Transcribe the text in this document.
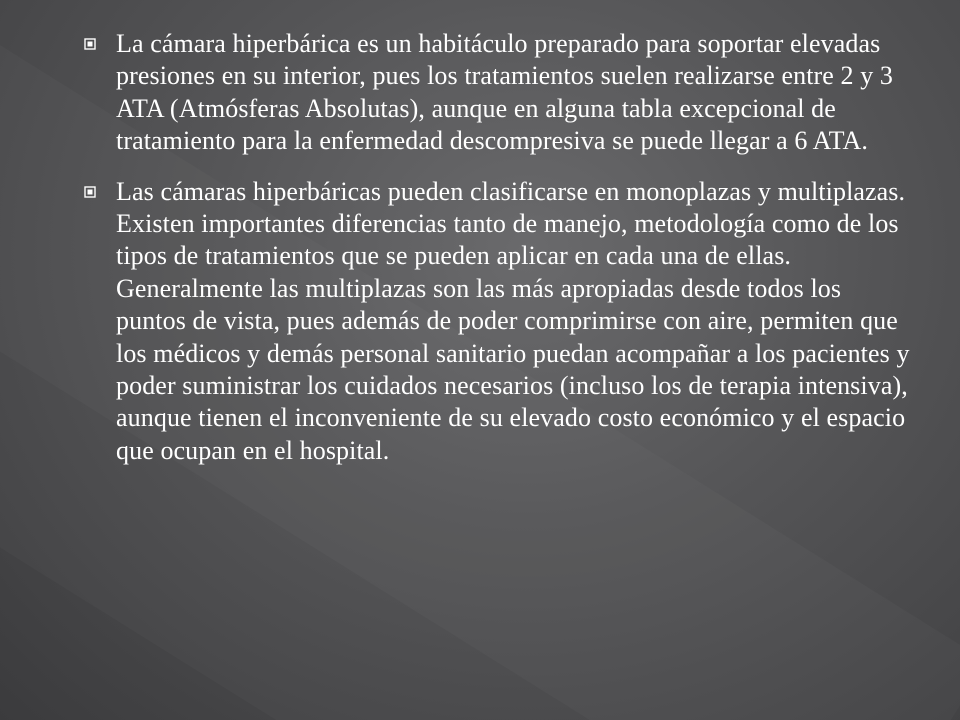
La cámara hiperbárica es un habitáculo preparado para soportar elevadas presiones en su interior, pues los tratamientos suelen realizarse entre 2 y 3 ATA (Atmósferas Absolutas), aunque en alguna tabla excepcional de tratamiento para la enfermedad descompresiva se puede llegar a 6 ATA.
Las cámaras hiperbáricas pueden clasificarse en monoplazas y multiplazas. Existen importantes diferencias tanto de manejo, metodología como de los tipos de tratamientos que se pueden aplicar en cada una de ellas. Generalmente las multiplazas son las más apropiadas desde todos los puntos de vista, pues además de poder comprimirse con aire, permiten que los médicos y demás personal sanitario puedan acompañar a los pacientes y poder suministrar los cuidados necesarios (incluso los de terapia intensiva), aunque tienen el inconveniente de su elevado costo económico y el espacio que ocupan en el hospital.
